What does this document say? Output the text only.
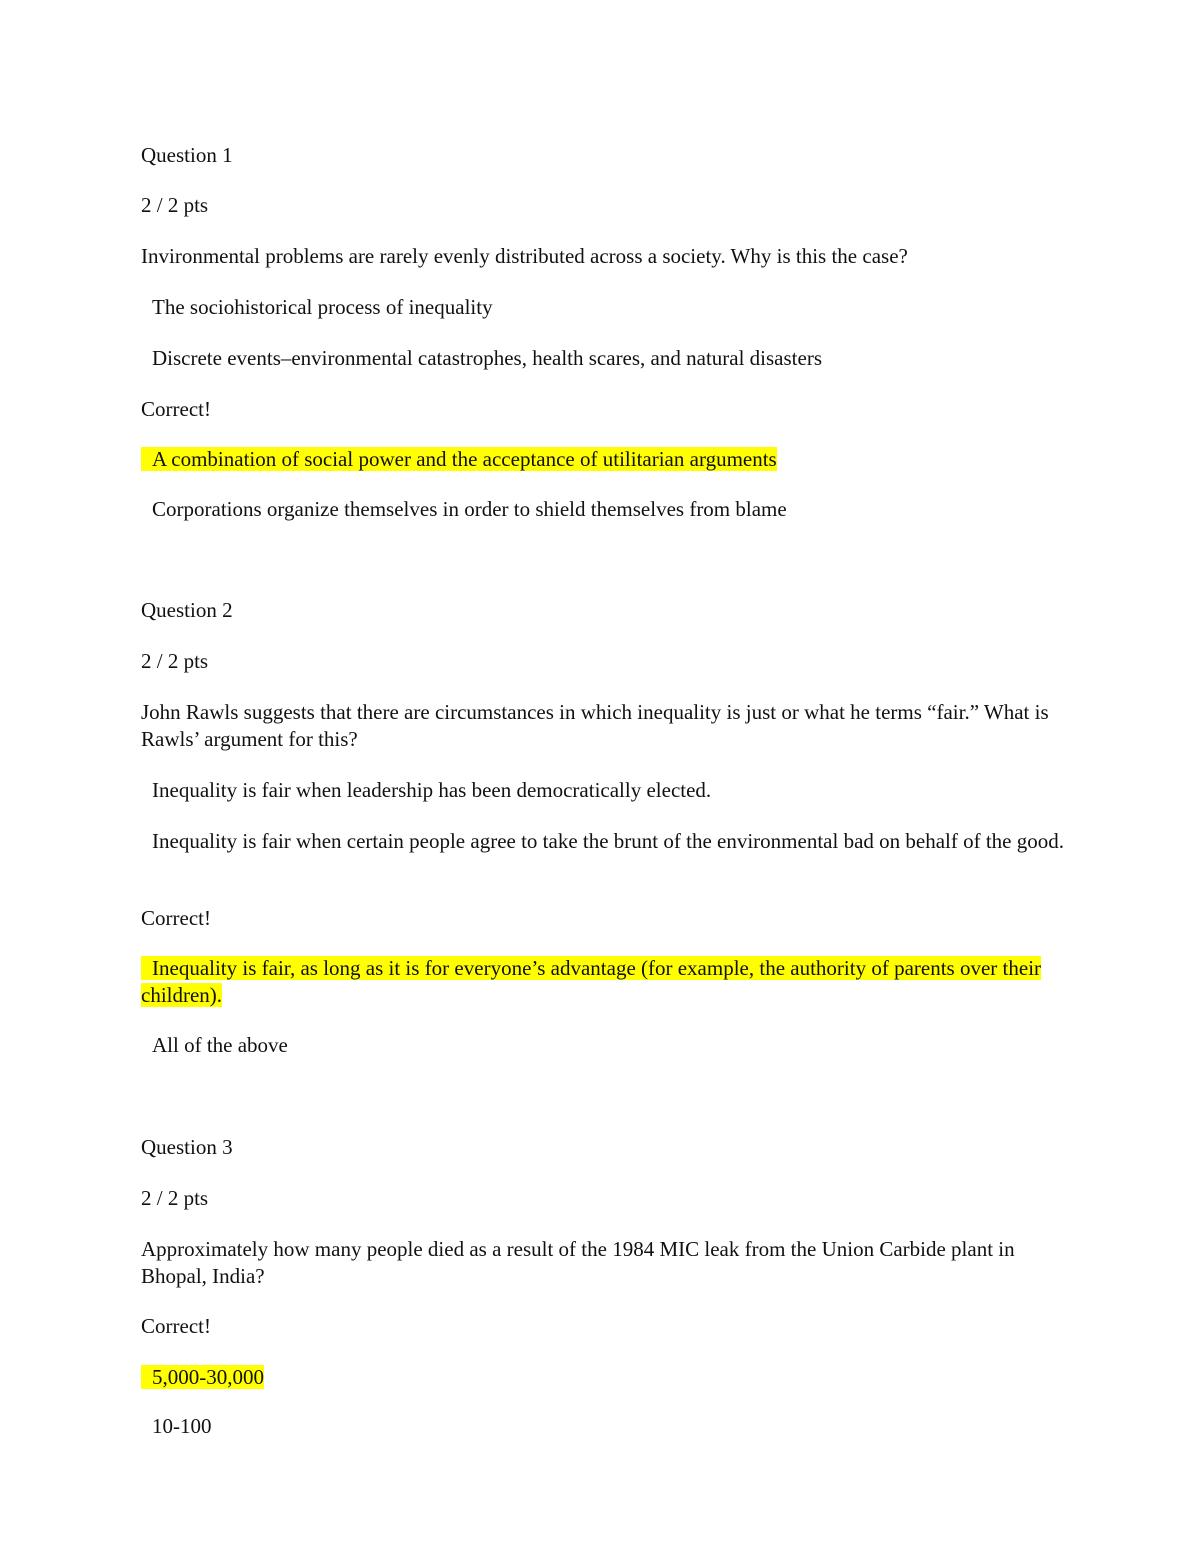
Question 1
2 / 2 pts
Invironmental problems are rarely evenly distributed across a society. Why is this the case?
The sociohistorical process of inequality
Discrete events–environmental catastrophes, health scares, and natural disasters
Correct!
A combination of social power and the acceptance of utilitarian arguments
Corporations organize themselves in order to shield themselves from blame
Question 2
2 / 2 pts
John Rawls suggests that there are circumstances in which inequality is just or what he terms “fair.” What is Rawls’ argument for this?
Inequality is fair when leadership has been democratically elected.
Inequality is fair when certain people agree to take the brunt of the environmental bad on behalf of the good.
Correct!
Inequality is fair, as long as it is for everyone’s advantage (for example, the authority of parents over their children).
All of the above
Question 3
2 / 2 pts
Approximately how many people died as a result of the 1984 MIC leak from the Union Carbide plant in Bhopal, India?
Correct!
5,000-30,000
10-100
